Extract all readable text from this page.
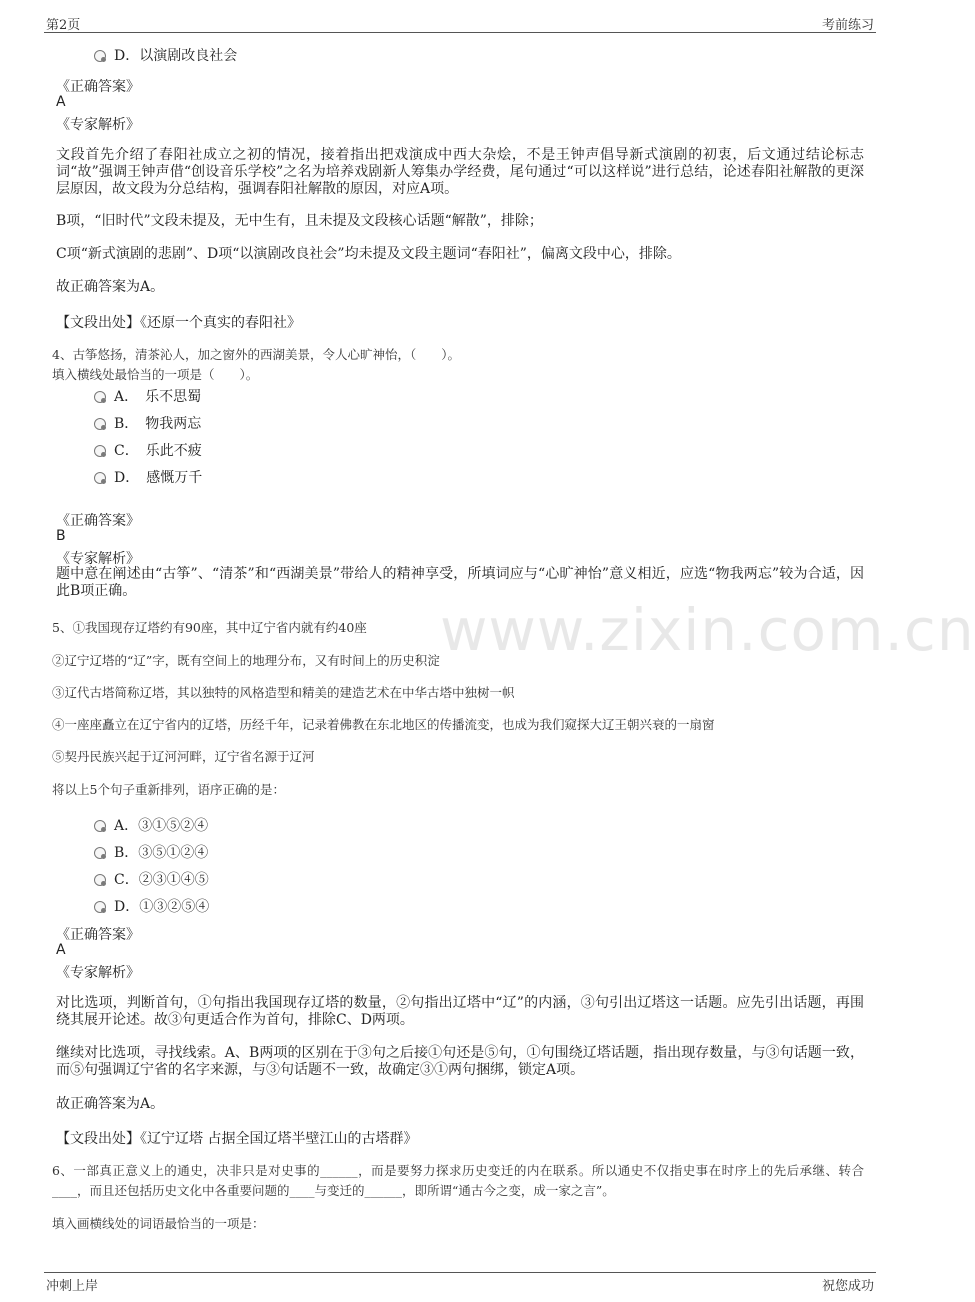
第2页	考前练习
www.zixin.com.cn
D．以演剧改良社会
《正确答案》
A
《专家解析》
文段首先介绍了春阳社成立之初的情况，接着指出把戏演成中西大杂烩，不是王钟声倡导新式演剧的初衷，后文通过结论标志词“故”强调王钟声借“创设音乐学校”之名为培养戏剧新人筹集办学经费，尾句通过“可以这样说”进行总结，论述春阳社解散的更深层原因，故文段为分总结构，强调春阳社解散的原因，对应A项。
B项，“旧时代”文段未提及，无中生有，且未提及文段核心话题“解散”，排除；
C项“新式演剧的悲剧”、D项“以演剧改良社会”均未提及文段主题词“春阳社”，偏离文段中心，排除。
故正确答案为A。
【文段出处】《还原一个真实的春阳社》
4、古筝悠扬，清茶沁人，加之窗外的西湖美景，令人心旷神怡，（　　）。
填入横线处最恰当的一项是（　　）。
A．　乐不思蜀
B．　物我两忘
C．　乐此不疲
D．　感慨万千
《正确答案》
B
《专家解析》
题中意在阐述由“古筝”、“清茶”和“西湖美景”带给人的精神享受，所填词应与“心旷神怡”意义相近，应选“物我两忘”较为合适，因此B项正确。
5、①我国现存辽塔约有90座，其中辽宁省内就有约40座
②辽宁辽塔的“辽”字，既有空间上的地理分布，又有时间上的历史积淀
③辽代古塔简称辽塔，其以独特的风格造型和精美的建造艺术在中华古塔中独树一帜
④一座座矗立在辽宁省内的辽塔，历经千年，记录着佛教在东北地区的传播流变，也成为我们窥探大辽王朝兴衰的一扇窗
⑤契丹民族兴起于辽河河畔，辽宁省名源于辽河
将以上5个句子重新排列，语序正确的是：
A．③①⑤②④
B．③⑤①②④
C．②③①④⑤
D．①③②⑤④
《正确答案》
A
《专家解析》
对比选项，判断首句，①句指出我国现存辽塔的数量，②句指出辽塔中“辽”的内涵，③句引出辽塔这一话题。应先引出话题，再围绕其展开论述。故③句更适合作为首句，排除C、D两项。
继续对比选项，寻找线索。A、B两项的区别在于③句之后接①句还是⑤句，①句围绕辽塔话题，指出现存数量，与③句话题一致，而⑤句强调辽宁省的名字来源，与③句话题不一致，故确定③①两句捆绑，锁定A项。
故正确答案为A。
【文段出处】《辽宁辽塔 占据全国辽塔半壁江山的古塔群》
6、一部真正意义上的通史，决非只是对史事的______，而是要努力探求历史变迁的内在联系。所以通史不仅指史事在时序上的先后承继、转合____，而且还包括历史文化中各重要问题的____与变迁的______，即所谓“通古今之变，成一家之言”。
填入画横线处的词语最恰当的一项是：
冲刺上岸	祝您成功
